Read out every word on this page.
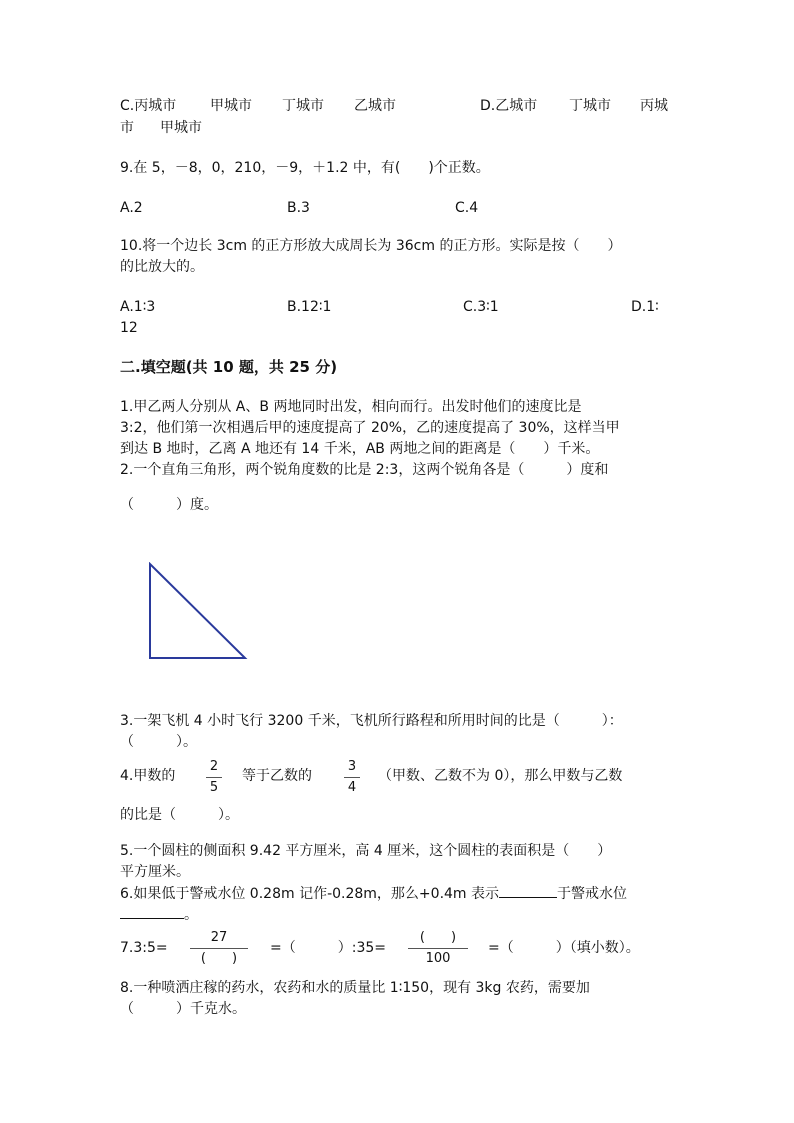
C.丙城市 甲城市 丁城市 乙城市	D.乙城市 丁城市 丙城
市 甲城市
9.在 5，－8，0，210，－9，＋1.2 中，有(　　)个正数。
A.2	B.3	C.4
10.将一个边长 3cm 的正方形放大成周长为 36cm 的正方形。实际是按（　　）
的比放大的。
A.1∶3	B.12∶1	C.3∶1	D.1∶
12
二.填空题(共 10 题，共 25 分)
1.甲乙两人分别从 A、B 两地同时出发，相向而行。出发时他们的速度比是
3:2，他们第一次相遇后甲的速度提高了 20%，乙的速度提高了 30%，这样当甲
到达 B 地时，乙离 A 地还有 14 千米，AB 两地之间的距离是（　　）千米。
2.一个直角三角形，两个锐角度数的比是 2:3，这两个锐角各是（　　　）度和
（　　　）度。
3.一架飞机 4 小时飞行 3200 千米，飞机所行路程和所用时间的比是（　　　）：
（　　　）。
4.甲数的
2
5
等于乙数的
3
4
（甲数、乙数不为 0），那么甲数与乙数
的比是（　　　）。
5.一个圆柱的侧面积 9.42 平方厘米，高 4 厘米，这个圆柱的表面积是（　　）
平方厘米。
6.如果低于警戒水位 0.28m 记作-0.28m，那么+0.4m 表示	于警戒水位
。
7.3:5=
27
(　　)
=（　　　）:35=
(　　)
100
=（　　　）（填小数）。
8.一种喷洒庄稼的药水，农药和水的质量比 1∶150，现有 3kg 农药，需要加
（　　　）千克水。
